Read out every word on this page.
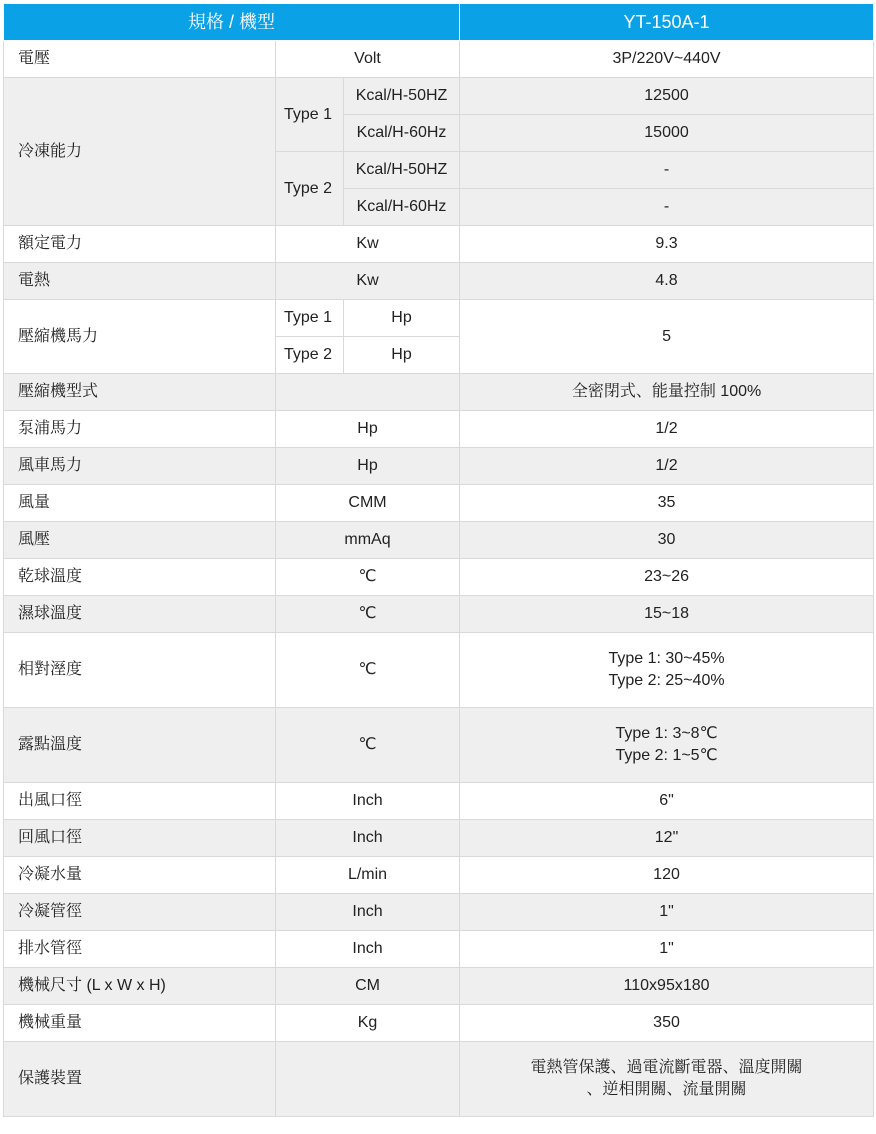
規格 / 機型			YT-150A-1
電壓	Volt		3P/220V~440V
冷凍能力	Type 1	Kcal/H-50HZ	12500
		Kcal/H-60Hz	15000
	Type 2	Kcal/H-50HZ	-
		Kcal/H-60Hz	-
額定電力	Kw		9.3
電熱	Kw		4.8
壓縮機馬力	Type 1	Hp	5
	Type 2	Hp	
壓縮機型式			全密閉式、能量控制 100%
泵浦馬力	Hp		1/2
風車馬力	Hp		1/2
風量	CMM		35
風壓	mmAq		30
乾球溫度	℃		23~26
濕球溫度	℃		15~18
相對溼度	℃		Type 1: 30~45%
Type 2: 25~40%

露點溫度	℃		Type 1: 3~8℃
Type 2: 1~5℃

出風口徑	Inch		6"
回風口徑	Inch		12"
冷凝水量	L/min		120
冷凝管徑	Inch		1"
排水管徑	Inch		1"
機械尺寸 (L x W x H)	CM		110x95x180
機械重量	Kg		350
保護裝置			電熱管保護、過電流斷電器、溫度開關
、逆相開關、流量開關
